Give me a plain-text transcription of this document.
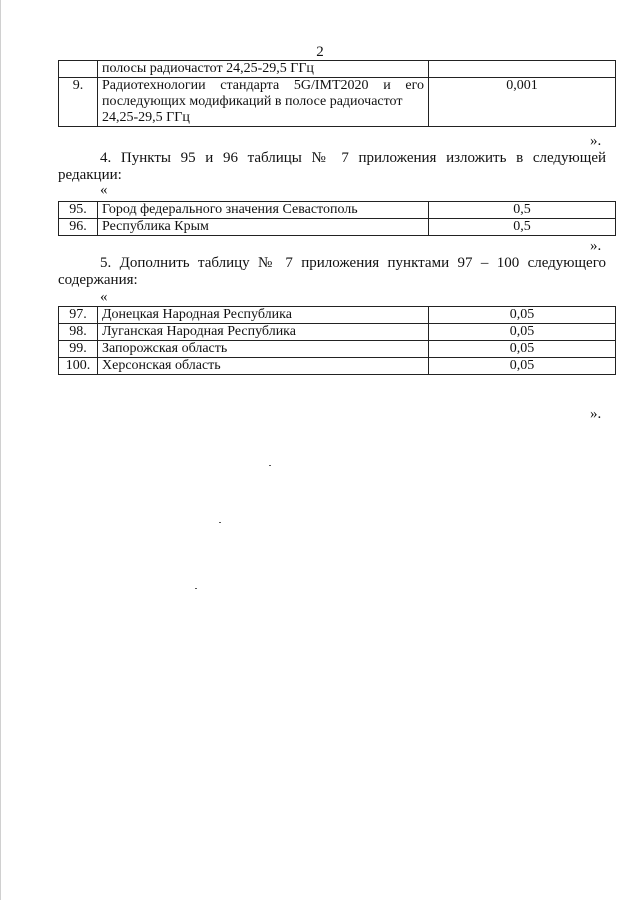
2
	полосы радиочастот 24,25-29,5 ГГц	
9.	Радиотехнологии стандарта 5G/IMT2020 и его
последующих модификаций в полосе радиочастот
24,25-29,5 ГГц	0,001
».
4. Пункты 95 и 96 таблицы № 7 приложения изложить в следующей
редакции:
«
95.	Город федерального значения Севастополь	0,5
96.	Республика Крым	0,5
».
5. Дополнить таблицу № 7 приложения пунктами 97 – 100 следующего
содержания:
«
97.	Донецкая Народная Республика	0,05
98.	Луганская Народная Республика	0,05
99.	Запорожская область	0,05
100.	Херсонская область	0,05
».
